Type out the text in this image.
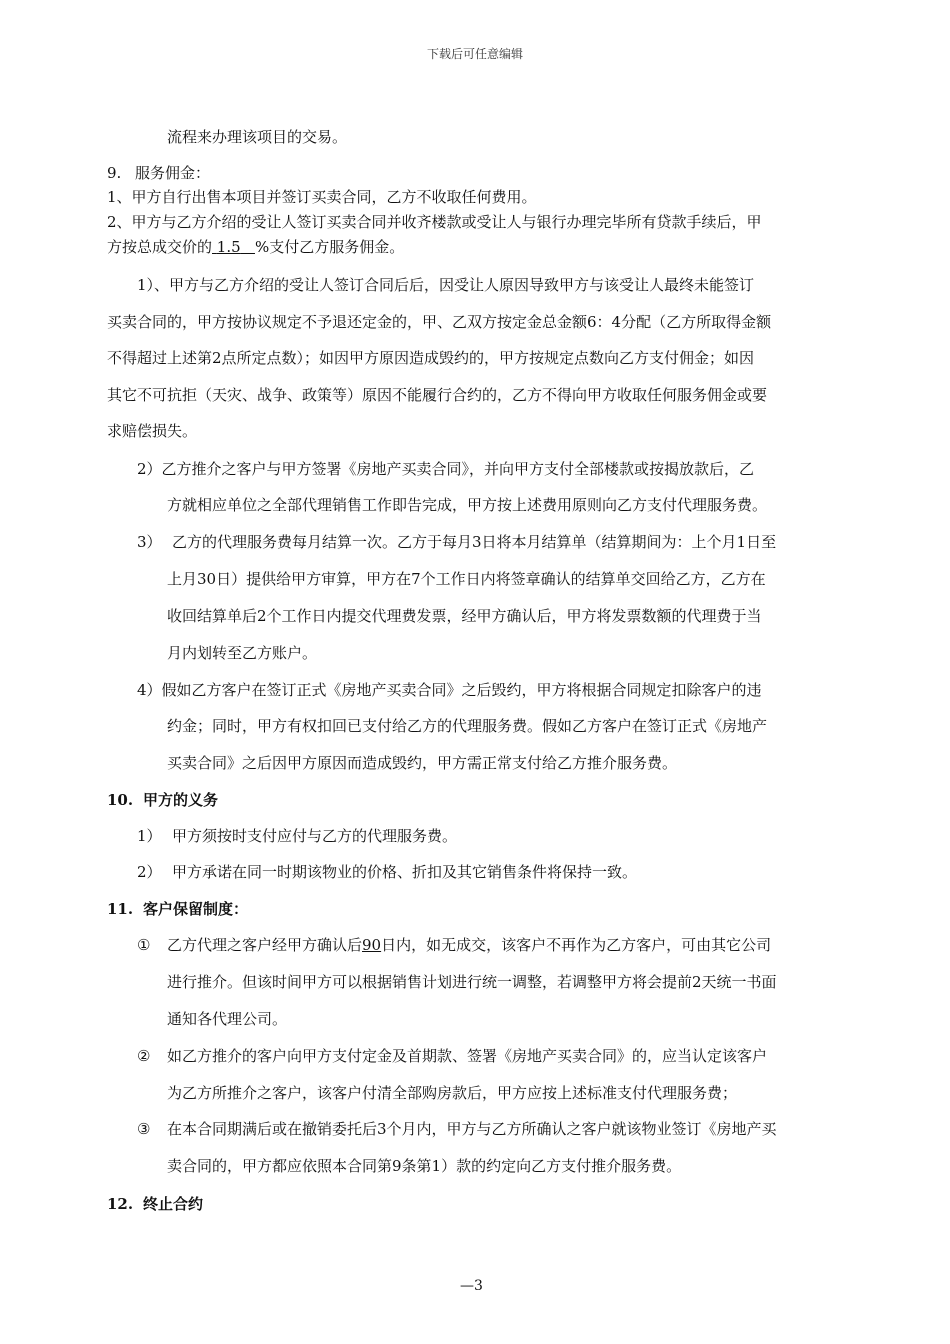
下载后可任意编辑
流程来办理该项目的交易。
9. 服务佣金：
1、甲方自行出售本项目并签订买卖合同，乙方不收取任何费用。
2、甲方与乙方介绍的受让人签订买卖合同并收齐楼款或受让人与银行办理完毕所有贷款手续后，甲
方按总成交价的 1.5 %支付乙方服务佣金。
1）、甲方与乙方介绍的受让人签订合同后后，因受让人原因导致甲方与该受让人最终未能签订
买卖合同的，甲方按协议规定不予退还定金的，甲、乙双方按定金总金额6：4分配（乙方所取得金额
不得超过上述第2点所定点数）；如因甲方原因造成毁约的，甲方按规定点数向乙方支付佣金；如因
其它不可抗拒（天灾、战争、政策等）原因不能履行合约的，乙方不得向甲方收取任何服务佣金或要
求赔偿损失。
2）乙方推介之客户与甲方签署《房地产买卖合同》，并向甲方支付全部楼款或按揭放款后，乙
方就相应单位之全部代理销售工作即告完成，甲方按上述费用原则向乙方支付代理服务费。
3） 乙方的代理服务费每月结算一次。乙方于每月3日将本月结算单（结算期间为：上个月1日至
上月30日）提供给甲方审算，甲方在7个工作日内将签章确认的结算单交回给乙方，乙方在
收回结算单后2个工作日内提交代理费发票，经甲方确认后，甲方将发票数额的代理费于当
月内划转至乙方账户。
4）假如乙方客户在签订正式《房地产买卖合同》之后毁约，甲方将根据合同规定扣除客户的违
约金；同时，甲方有权扣回已支付给乙方的代理服务费。假如乙方客户在签订正式《房地产
买卖合同》之后因甲方原因而造成毁约，甲方需正常支付给乙方推介服务费。
10. 甲方的义务
1） 甲方须按时支付应付与乙方的代理服务费。
2） 甲方承诺在同一时期该物业的价格、折扣及其它销售条件将保持一致。
11. 客户保留制度：
① 乙方代理之客户经甲方确认后90日内，如无成交，该客户不再作为乙方客户，可由其它公司
进行推介。但该时间甲方可以根据销售计划进行统一调整，若调整甲方将会提前2天统一书面
通知各代理公司。
② 如乙方推介的客户向甲方支付定金及首期款、签署《房地产买卖合同》的，应当认定该客户
为乙方所推介之客户，该客户付清全部购房款后，甲方应按上述标准支付代理服务费；
③ 在本合同期满后或在撤销委托后3个月内，甲方与乙方所确认之客户就该物业签订《房地产买
卖合同的，甲方都应依照本合同第9条第1）款的约定向乙方支付推介服务费。
12. 终止合约
—3
